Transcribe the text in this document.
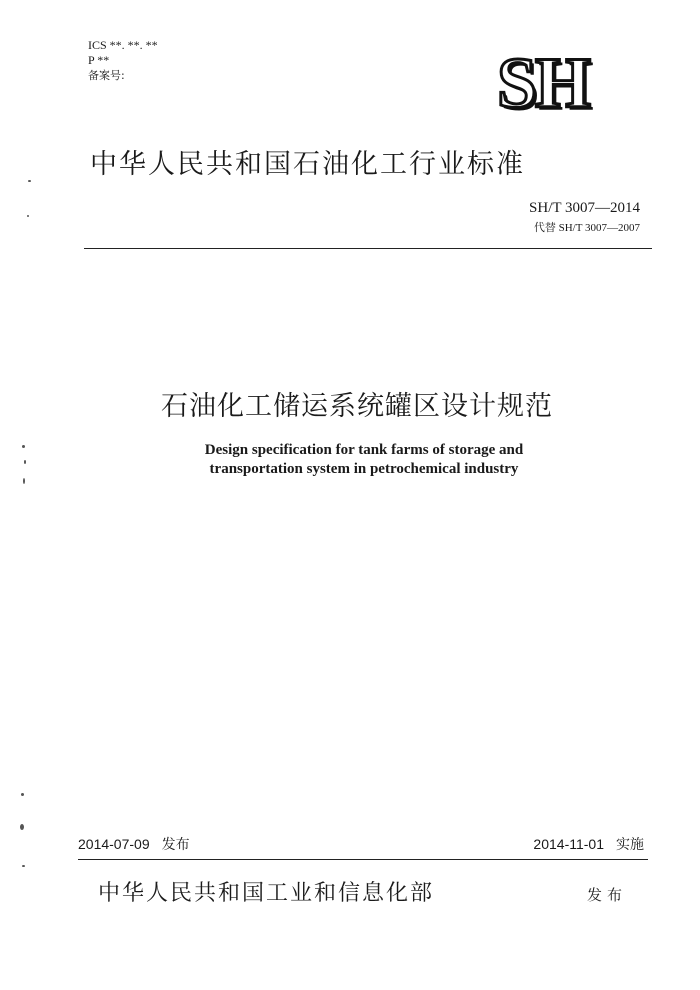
ICS **. **. **
P **
备案号:	SH
中华人民共和国石油化工行业标准
SH/T 3007—2014
代替 SH/T 3007—2007
石油化工储运系统罐区设计规范
Design specification for tank farms of storage and
transportation system in petrochemical industry
2014-07-09 发布	2014-11-01 实施
中华人民共和国工业和信息化部	发布
